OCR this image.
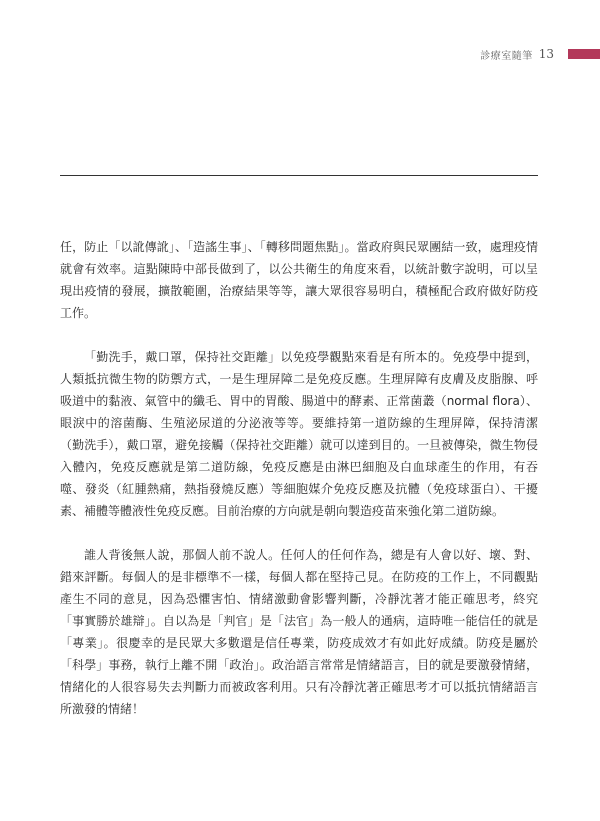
診療室隨筆 13

任，防止「以訛傳訛」、「造謠生事」、「轉移問題焦點」。當政府與民眾團結一致，處理疫情就會有效率。這點陳時中部長做到了，以公共衛生的角度來看，以統計數字說明，可以呈現出疫情的發展，擴散範圍，治療結果等等，讓大眾很容易明白，積極配合政府做好防疫工作。

「勤洗手，戴口罩，保持社交距離」以免疫學觀點來看是有所本的。免疫學中提到，人類抵抗微生物的防禦方式，一是生理屏障二是免疫反應。生理屏障有皮膚及皮脂腺、呼吸道中的黏液、氣管中的纖毛、胃中的胃酸、腸道中的酵素、正常菌叢（normal flora）、眼淚中的溶菌酶、生殖泌尿道的分泌液等等。要維持第一道防線的生理屏障，保持清潔（勤洗手），戴口罩，避免接觸（保持社交距離）就可以達到目的。一旦被傳染，微生物侵入體內，免疫反應就是第二道防線，免疫反應是由淋巴細胞及白血球產生的作用，有吞噬、發炎（紅腫熱痛，熱指發燒反應）等細胞媒介免疫反應及抗體（免疫球蛋白）、干擾素、補體等體液性免疫反應。目前治療的方向就是朝向製造疫苗來強化第二道防線。

誰人背後無人說，那個人前不說人。任何人的任何作為，總是有人會以好、壞、對、錯來評斷。每個人的是非標準不一樣，每個人都在堅持己見。在防疫的工作上，不同觀點產生不同的意見，因為恐懼害怕、情緒激動會影響判斷，冷靜沈著才能正確思考，終究「事實勝於雄辯」。自以為是「判官」是「法官」為一般人的通病，這時唯一能信任的就是「專業」。很慶幸的是民眾大多數還是信任專業，防疫成效才有如此好成績。防疫是屬於「科學」事務，執行上離不開「政治」。政治語言常常是情緒語言，目的就是要激發情緒，情緒化的人很容易失去判斷力而被政客利用。只有冷靜沈著正確思考才可以抵抗情緒語言所激發的情緒！
